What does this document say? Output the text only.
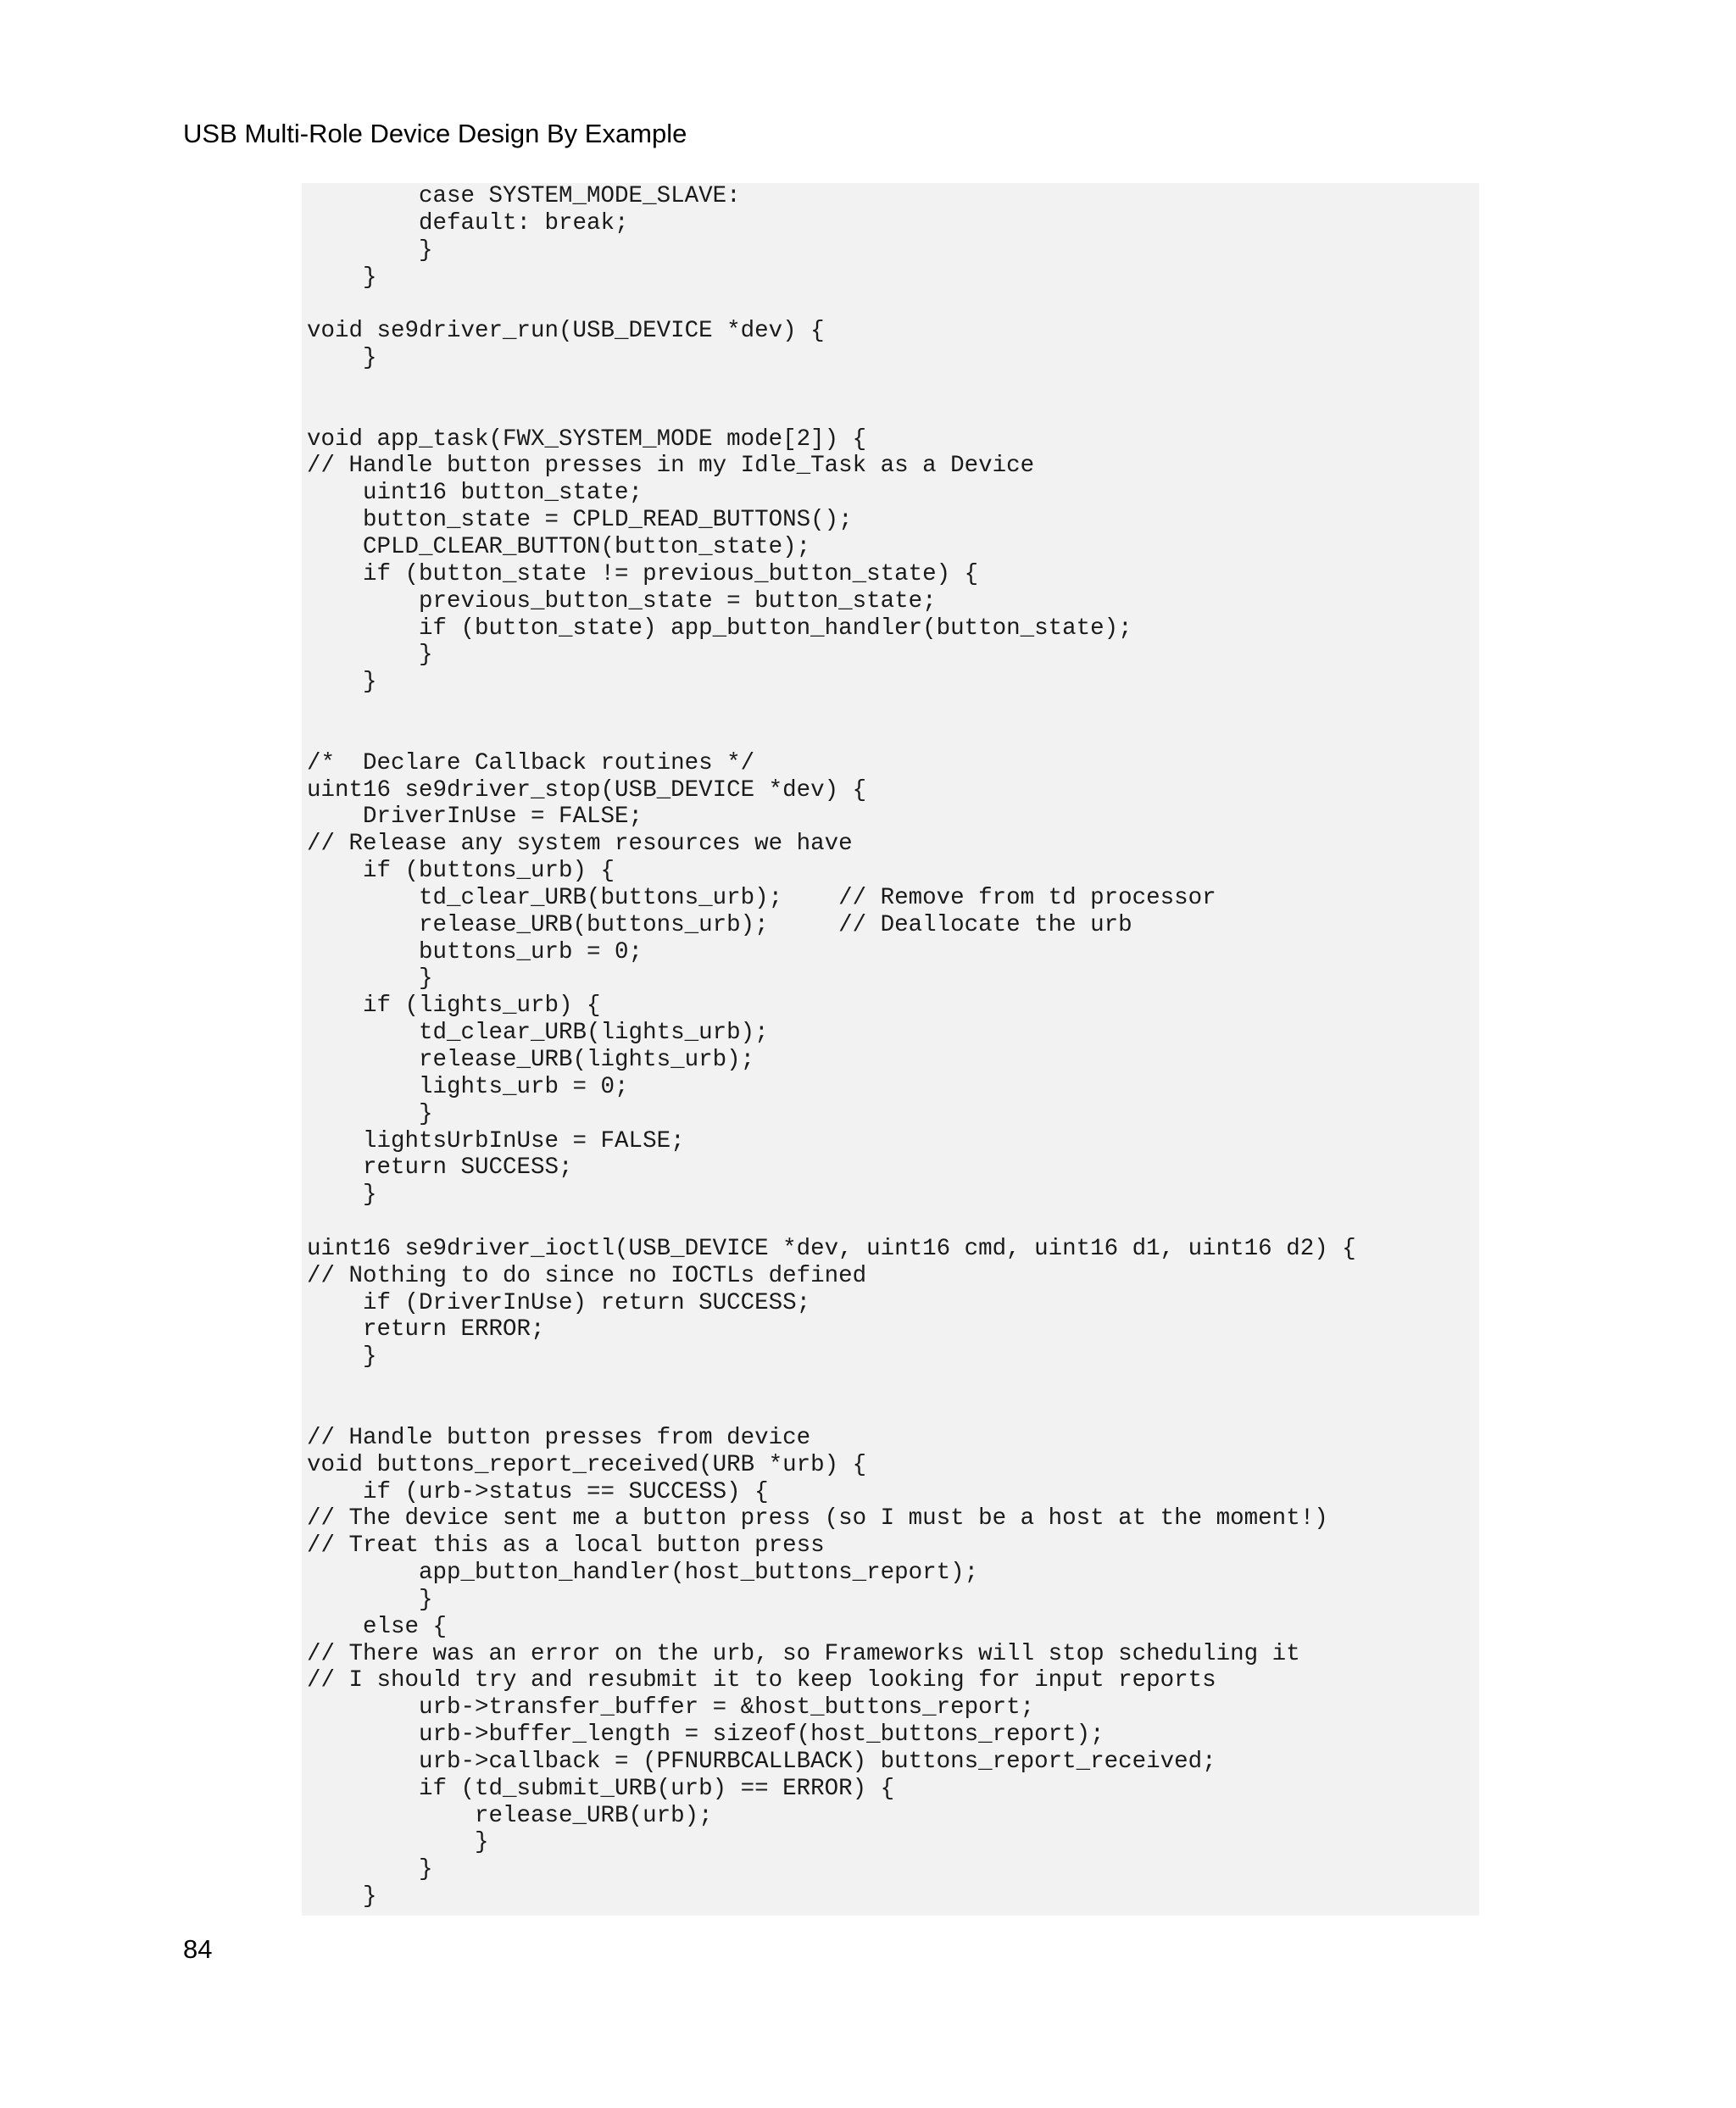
USB Multi-Role Device Design By Example
case SYSTEM_MODE_SLAVE:
default: break;
}
}

void se9driver_run(USB_DEVICE *dev) {
}

void app_task(FWX_SYSTEM_MODE mode[2]) {
// Handle button presses in my Idle_Task as a Device
uint16 button_state;
button_state = CPLD_READ_BUTTONS();
CPLD_CLEAR_BUTTON(button_state);
if (button_state != previous_button_state) {
previous_button_state = button_state;
if (button_state) app_button_handler(button_state);
}
}

/*  Declare Callback routines */
uint16 se9driver_stop(USB_DEVICE *dev) {
DriverInUse = FALSE;
// Release any system resources we have
if (buttons_urb) {
td_clear_URB(buttons_urb);    // Remove from td processor
release_URB(buttons_urb);     // Deallocate the urb
buttons_urb = 0;
}
if (lights_urb) {
td_clear_URB(lights_urb);
release_URB(lights_urb);
lights_urb = 0;
}
lightsUrbInUse = FALSE;
return SUCCESS;
}

uint16 se9driver_ioctl(USB_DEVICE *dev, uint16 cmd, uint16 d1, uint16 d2) {
// Nothing to do since no IOCTLs defined
if (DriverInUse) return SUCCESS;
return ERROR;
}

// Handle button presses from device
void buttons_report_received(URB *urb) {
if (urb->status == SUCCESS) {
// The device sent me a button press (so I must be a host at the moment!)
// Treat this as a local button press
app_button_handler(host_buttons_report);
}
else {
// There was an error on the urb, so Frameworks will stop scheduling it
// I should try and resubmit it to keep looking for input reports
urb->transfer_buffer = &host_buttons_report;
urb->buffer_length = sizeof(host_buttons_report);
urb->callback = (PFNURBCALLBACK) buttons_report_received;
if (td_submit_URB(urb) == ERROR) {
release_URB(urb);
}
}
}
84
